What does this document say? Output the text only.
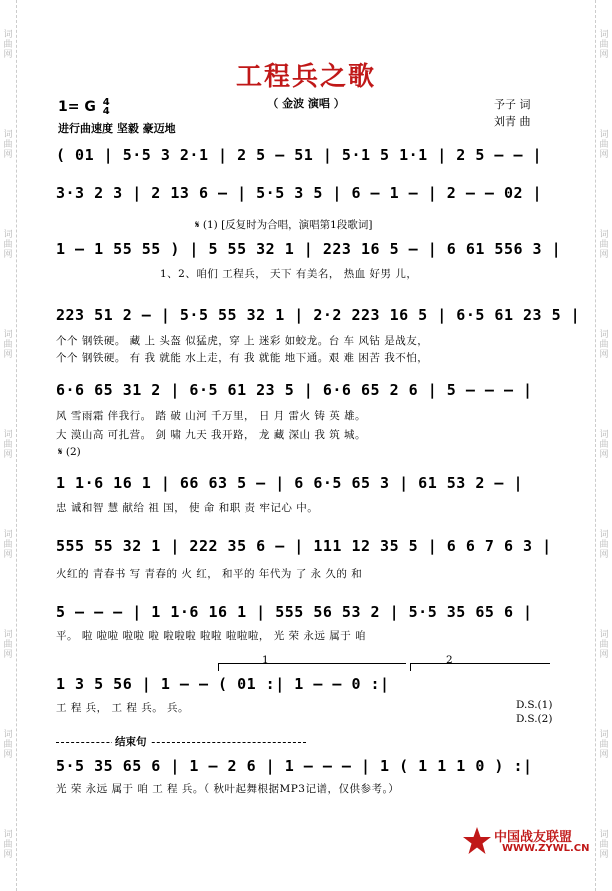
词曲网
词曲网
词曲网
词曲网
词曲网
词曲网
词曲网
词曲网
词曲网
词曲网
词曲网
词曲网
词曲网
词曲网
词曲网
词曲网
词曲网
词曲网
工程兵之歌
（ 金波 演唱 ）
1= G 4
4
进行曲速度 坚毅 豪迈地
予子 词
刘青 曲
( 01 | 5·5 3 2·1 | 2 5 — 51 | 5·1 5 1·1 | 2 5 — — |
3·3 2 3 | 2 13 6 — | 5·5 3 5 | 6 — 1 — | 2 — — 02 |
𝄋 (1) [反复时为合唱，演唱第1段歌词]
1 — 1 55 55 ) | 5 55 32 1 | 223 16 5 — | 6 61 556 3 |
1、2、咱们 工程兵， 天下 有美名， 热血 好男 儿，
223 51 2 — | 5·5 55 32 1 | 2·2 223 16 5 | 6·5 61 23 5 |
个个 钢铁硬。 藏 上 头盔 似猛虎，穿 上 迷彩 如蛟龙。台 车 风钻 是战友，
个个 钢铁硬。 有 我 就能 水上走，有 我 就能 地下通。艰 难 困苦 我不怕，
6·6 65 31 2 | 6·5 61 23 5 | 6·6 65 2 6 | 5 — — — |
风 雪雨霜 伴我行。 踏 破 山河 千万里， 日 月 雷火 铸 英 雄。
大 漠山高 可扎营。 剑 啸 九天 我开路， 龙 藏 深山 我 筑 城。
𝄋 (2)
1 1·6 16 1 | 66 63 5 — | 6 6·5 65 3 | 61 53 2 — |
忠 诚和智 慧 献给 祖 国， 使 命 和职 责 牢记心 中。
555 55 32 1 | 222 35 6 — | 111 12 35 5 | 6 6 7 6 3 |
火红的 青春书 写 青春的 火 红， 和平的 年代为 了 永 久的 和
5 — — — | 1 1·6 16 1 | 555 56 53 2 | 5·5 35 65 6 |
平。 啦 啦啦 啦啦 啦 啦啦啦 啦啦 啦啦啦， 光 荣 永远 属于 咱
1	2
1 3 5 56 | 1 — — ( 01 :| 1 — — 0 :|
工 程 兵， 工 程 兵。 兵。	D.S.(1)
D.S.(2)
结束句
5·5 35 65 6 | 1 — 2 6 | 1 — — — | 1 ( 1 1 1 0 ) :|
光 荣 永远 属于 咱 工 程 兵。（ 秋叶起舞根据MP3记谱，仅供参考。）
中国战友联盟
WWW.ZYWL.CN
